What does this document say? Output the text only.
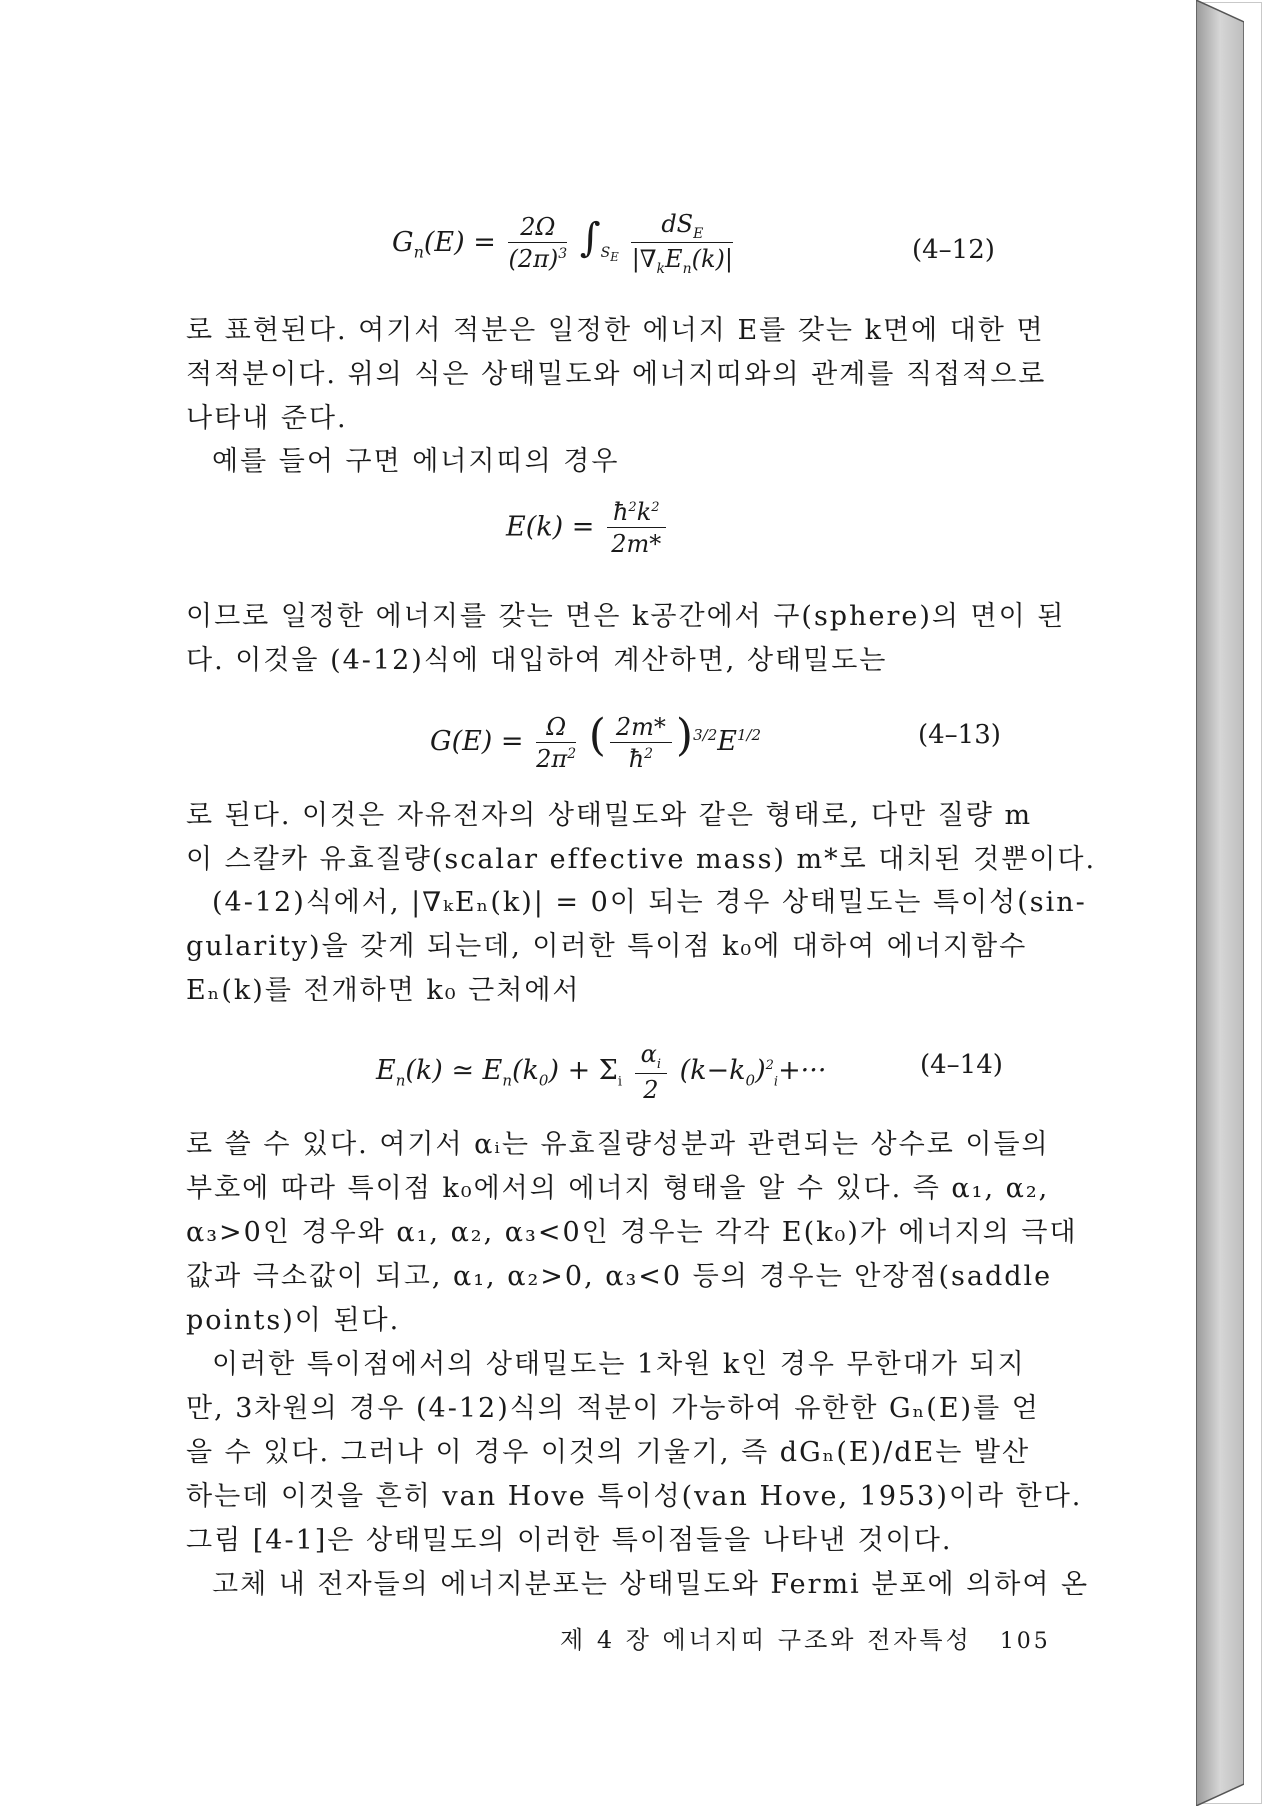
$G_n(E) = \frac{2\Omega}{(2\pi)^3} \int_{S_E} \frac{dS_E}{|\nabla_kE_n(k)|}$	(4–12)
로 표현된다. 여기서 적분은 일정한 에너지 E를 갖는 k면에 대한 면
적적분이다. 위의 식은 상태밀도와 에너지띠와의 관계를 직접적으로
나타내 준다.
예를 들어 구면 에너지띠의 경우
$E(k) = \frac{ħ^2k^2}{2m*}$
이므로 일정한 에너지를 갖는 면은 k공간에서 구(sphere)의 면이 된
다. 이것을 (4-12)식에 대입하여 계산하면, 상태밀도는
$G(E) = \frac{\Omega}{2\pi^2}$ ( $\frac{2m*}{ħ^2} )^{3/2}E^{1/2}$	(4–13)
로 된다. 이것은 자유전자의 상태밀도와 같은 형태로, 다만 질량 m
이 스칼카 유효질량(scalar effective mass) m*로 대치된 것뿐이다.
(4-12)식에서, |∇ₖEₙ(k)| = 0이 되는 경우 상태밀도는 특이성(sin-
gularity)을 갖게 되는데, 이러한 특이점 k₀에 대하여 에너지함수
Eₙ(k)를 전개하면 k₀ 근처에서
$E_n(k)$ ≃ $E_n(k_0) + \Sigma_i \frac{\alpha_i}{2} (k-k_0)^2_i+\cdot\cdot\cdot$	(4–14)
로 쓸 수 있다. 여기서 αᵢ는 유효질량성분과 관련되는 상수로 이들의
부호에 따라 특이점 k₀에서의 에너지 형태을 알 수 있다. 즉 α₁, α₂,
α₃>0인 경우와 α₁, α₂, α₃<0인 경우는 각각 E(k₀)가 에너지의 극대
값과 극소값이 되고, α₁, α₂>0, α₃<0 등의 경우는 안장점(saddle
points)이 된다.
이러한 특이점에서의 상태밀도는 1차원 k인 경우 무한대가 되지
만, 3차원의 경우 (4-12)식의 적분이 가능하여 유한한 Gₙ(E)를 얻
을 수 있다. 그러나 이 경우 이것의 기울기, 즉 dGₙ(E)/dE는 발산
하는데 이것을 흔히 van Hove 특이성(van Hove, 1953)이라 한다.
그림 [4-1]은 상태밀도의 이러한 특이점들을 나타낸 것이다.
고체 내 전자들의 에너지분포는 상태밀도와 Fermi 분포에 의하여 온
제 4 장 에너지띠 구조와 전자특성 105
